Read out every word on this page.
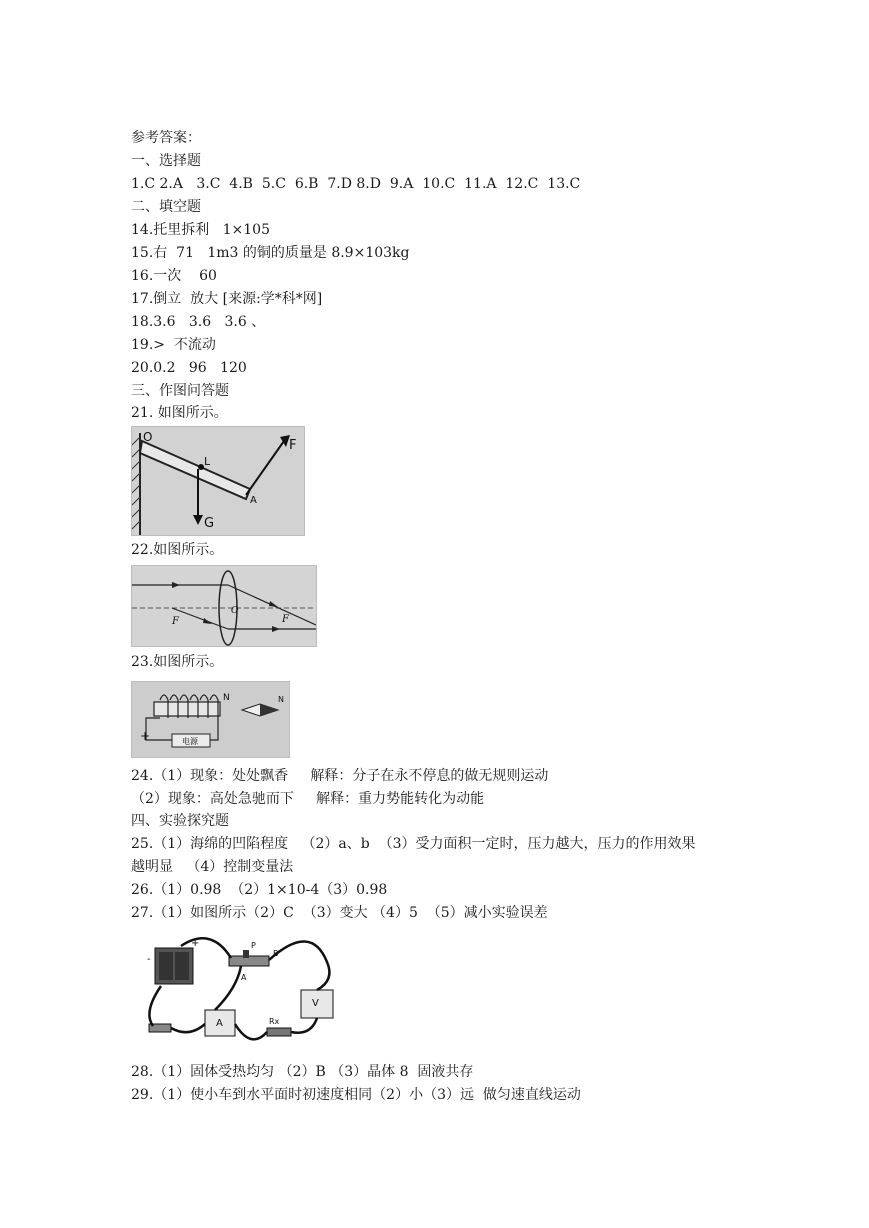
参考答案：
一、选择题
1.C 2.A   3.C  4.B  5.C  6.B  7.D 8.D  9.A  10.C  11.A  12.C  13.C
二、填空题
14.托里拆利   1×105
15.右  71   1m3 的铜的质量是 8.9×103kg
16.一次    60
17.倒立  放大 [来源:学*科*网]
18.3.6   3.6   3.6 、
19.>  不流动
20.0.2   96   120
三、作图问答题
21. 如图所示。
O
L
F
A
G
22.如图所示。
F
O
F
23.如图所示。
N	N
+	电源
24.（1）现象：处处飘香     解释：分子在永不停息的做无规则运动
（2）现象：高处急驰而下     解释：重力势能转化为动能
四、实验探究题
25.（1）海绵的凹陷程度   （2）a、b  （3）受力面积一定时，压力越大，压力的作用效果
越明显   （4）控制变量法
26.（1）0.98  （2）1×10-4（3）0.98
27.（1）如图所示（2）C  （3）变大 （4）5  （5）减小实验误差
+
-
P
B
A
Rx
V
A
28.（1）固体受热均匀 （2）B （3）晶体 8  固液共存
29.（1）使小车到水平面时初速度相同（2）小（3）远  做匀速直线运动
